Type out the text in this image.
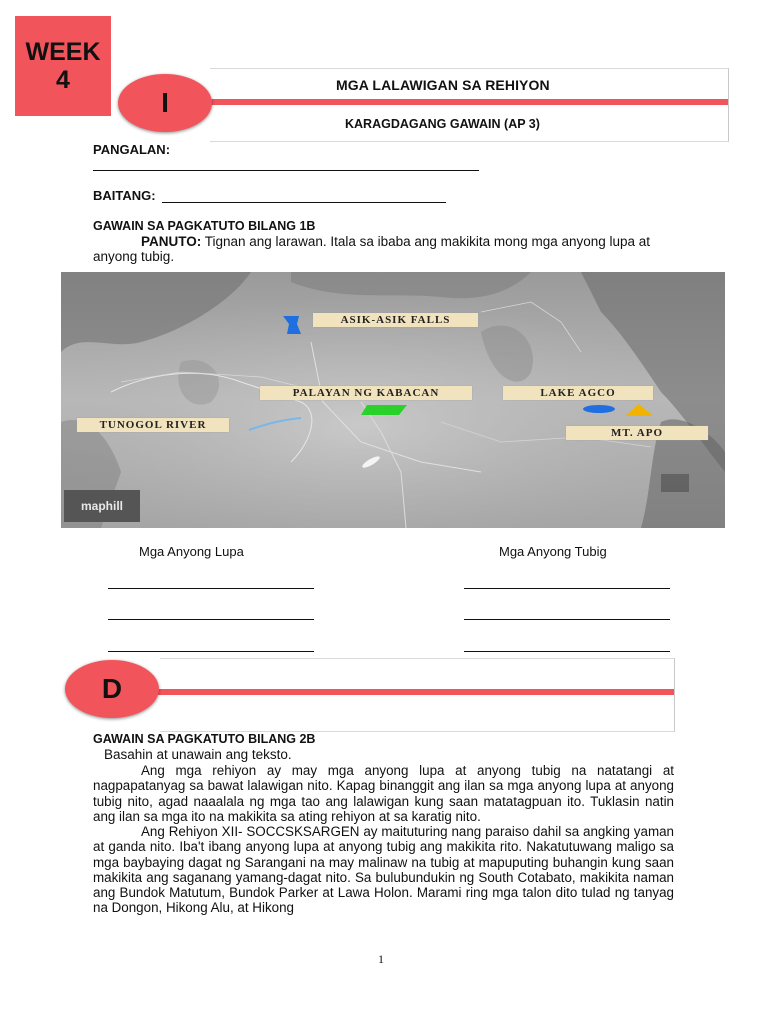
WEEK
4
I
MGA LALAWIGAN SA REHIYON
KARAGDAGANG GAWAIN (AP 3)
PANGALAN:
BAITANG:
GAWAIN SA PAGKATUTO BILANG 1B
PANUTO: Tignan ang larawan. Itala sa ibaba ang makikita mong mga anyong lupa at
anyong tubig.
ASIK-ASIK FALLS
PALAYAN NG KABACAN	LAKE AGCO
TUNOGOL RIVER
MT. APO
maphill
Mga Anyong Lupa	Mga Anyong Tubig
D
GAWAIN SA PAGKATUTO BILANG 2B
Basahin at unawain ang teksto.
Ang mga rehiyon ay may mga anyong lupa at anyong tubig na natatangi at nagpapatanyag sa bawat lalawigan nito. Kapag binanggit ang ilan sa mga anyong lupa at anyong tubig nito, agad naaalala ng mga tao ang lalawigan kung saan matatagpuan ito. Tuklasin natin ang ilan sa mga ito na makikita sa ating rehiyon at sa karatig nito.
Ang Rehiyon XII- SOCCSKSARGEN ay maituturing nang paraiso dahil sa angking yaman at ganda nito. Iba't ibang anyong lupa at anyong tubig ang makikita rito. Nakatutuwang maligo sa mga baybaying dagat ng Sarangani na may malinaw na tubig at mapuputing buhangin kung saan makikita ang saganang yamang-dagat nito. Sa bulubundukin ng South Cotabato, makikita naman ang Bundok Matutum, Bundok Parker at Lawa Holon. Marami ring mga talon dito tulad ng tanyag na Dongon, Hikong Alu, at Hikong
1
